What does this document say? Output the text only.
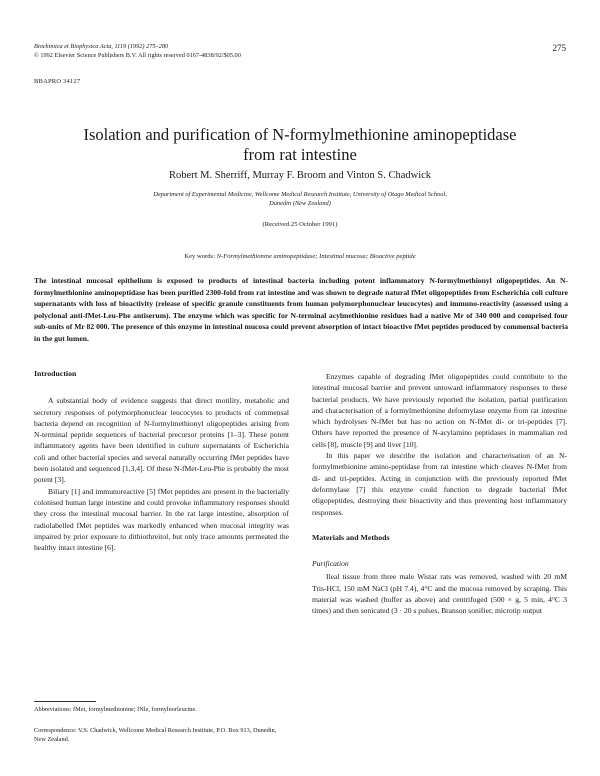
Biochimica et Biophysica Acta, 1119 (1992) 275–280
© 1992 Elsevier Science Publishers B.V. All rights reserved 0167-4838/92/$05.00
275
BBAPRO 34127
Isolation and purification of N-formylmethionine aminopeptidase
from rat intestine
Robert M. Sherriff, Murray F. Broom and Vinton S. Chadwick
Department of Experimental Medicine, Wellcome Medical Research Institute, University of Otago Medical School,
Dunedin (New Zealand)
(Received 25 October 1991)
Key words: N-Formylmethionine aminopeptidase; Intestinal mucosa; Bioactive peptide
The intestinal mucosal epithelium is exposed to products of intestinal bacteria including potent inflammatory N-formylmethionyl oligopeptides. An N-formylmethionine aminopeptidase has been purified 2300-fold from rat intestine and was shown to degrade natural fMet oligopeptides from Escherichia coli culture supernatants with loss of bioactivity (release of specific granule constituents from human polymorphonuclear leucocytes) and immuno-reactivity (assessed using a polyclonal anti-fMet-Leu-Phe antiserum). The enzyme which was specific for N-terminal acylmethionine residues had a native Mr of 340 000 and comprised four sub-units of Mr 82 000. The presence of this enzyme in intestinal mucosa could prevent absorption of intact bioactive fMet peptides produced by commensal bacteria in the gut lumen.
Introduction

A substantial body of evidence suggests that direct motility, metabolic and secretory responses of polymorphonuclear leucocytes to products of commensal bacteria depend on recognition of N-formylmethionyl oligopeptides arising from N-terminal peptide sequences of bacterial precursor proteins [1–3]. These potent inflammatory agents have been identified in culture supernatants of Escherichia coli and other bacterial species and several naturally occurring fMet peptides have been isolated and sequenced [1,3,4]. Of these N-fMet-Leu-Phe is probably the most potent [3].

Biliary [1] and immunoreactive [5] fMet peptides are present in the bacterially colonised human large intestine and could provoke inflammatory responses should they cross the intestinal mucosal barrier. In the rat large intestine, absorption of radiolabelled fMet peptides was markedly enhanced when mucosal integrity was impaired by prior exposure to dithiothreitol, but only trace amounts permeated the healthy intact intestine [6].

Enzymes capable of degrading fMet oligopeptides could contribute to the intestinal mucosal barrier and prevent untoward inflammatory responses to these bacterial products. We have previously reported the isolation, partial purification and characterisation of a formylmethionine deformylase enzyme from rat intestine which hydrolyses N-fMet but has no action on N-fMet di- or tri-peptides [7]. Others have reported the presence of N-acylamino peptidases in mammalian red cells [8], muscle [9] and liver [10].

In this paper we describe the isolation and characterisation of an N-formylmethionine amino-peptidase from rat intestine which cleaves N-fMet from di- and tri-peptides. Acting in conjunction with the previously reported fMet deformylase [7] this enzyme could function to degrade bacterial fMet oligopeptides, destroying their bioactivity and thus preventing host inflammatory responses.

Materials and Methods
Purification

Ileal tissue from three male Wistar rats was removed, washed with 20 mM Tris-HCl, 150 mM NaCl (pH 7.4), 4°C and the mucosa removed by scraping. This material was washed (buffer as above) and centrifuged (500 × g, 5 min, 4°C 3 times) and then sonicated (3 · 20 s pulses, Branson sonifier, microtip output

Abbreviations: fMet, formylmethionine; fNle, formylnorleucine.
Correspondence: V.S. Chadwick, Wellcome Medical Research Institute, P.O. Box 913, Dunedin, New Zealand.
